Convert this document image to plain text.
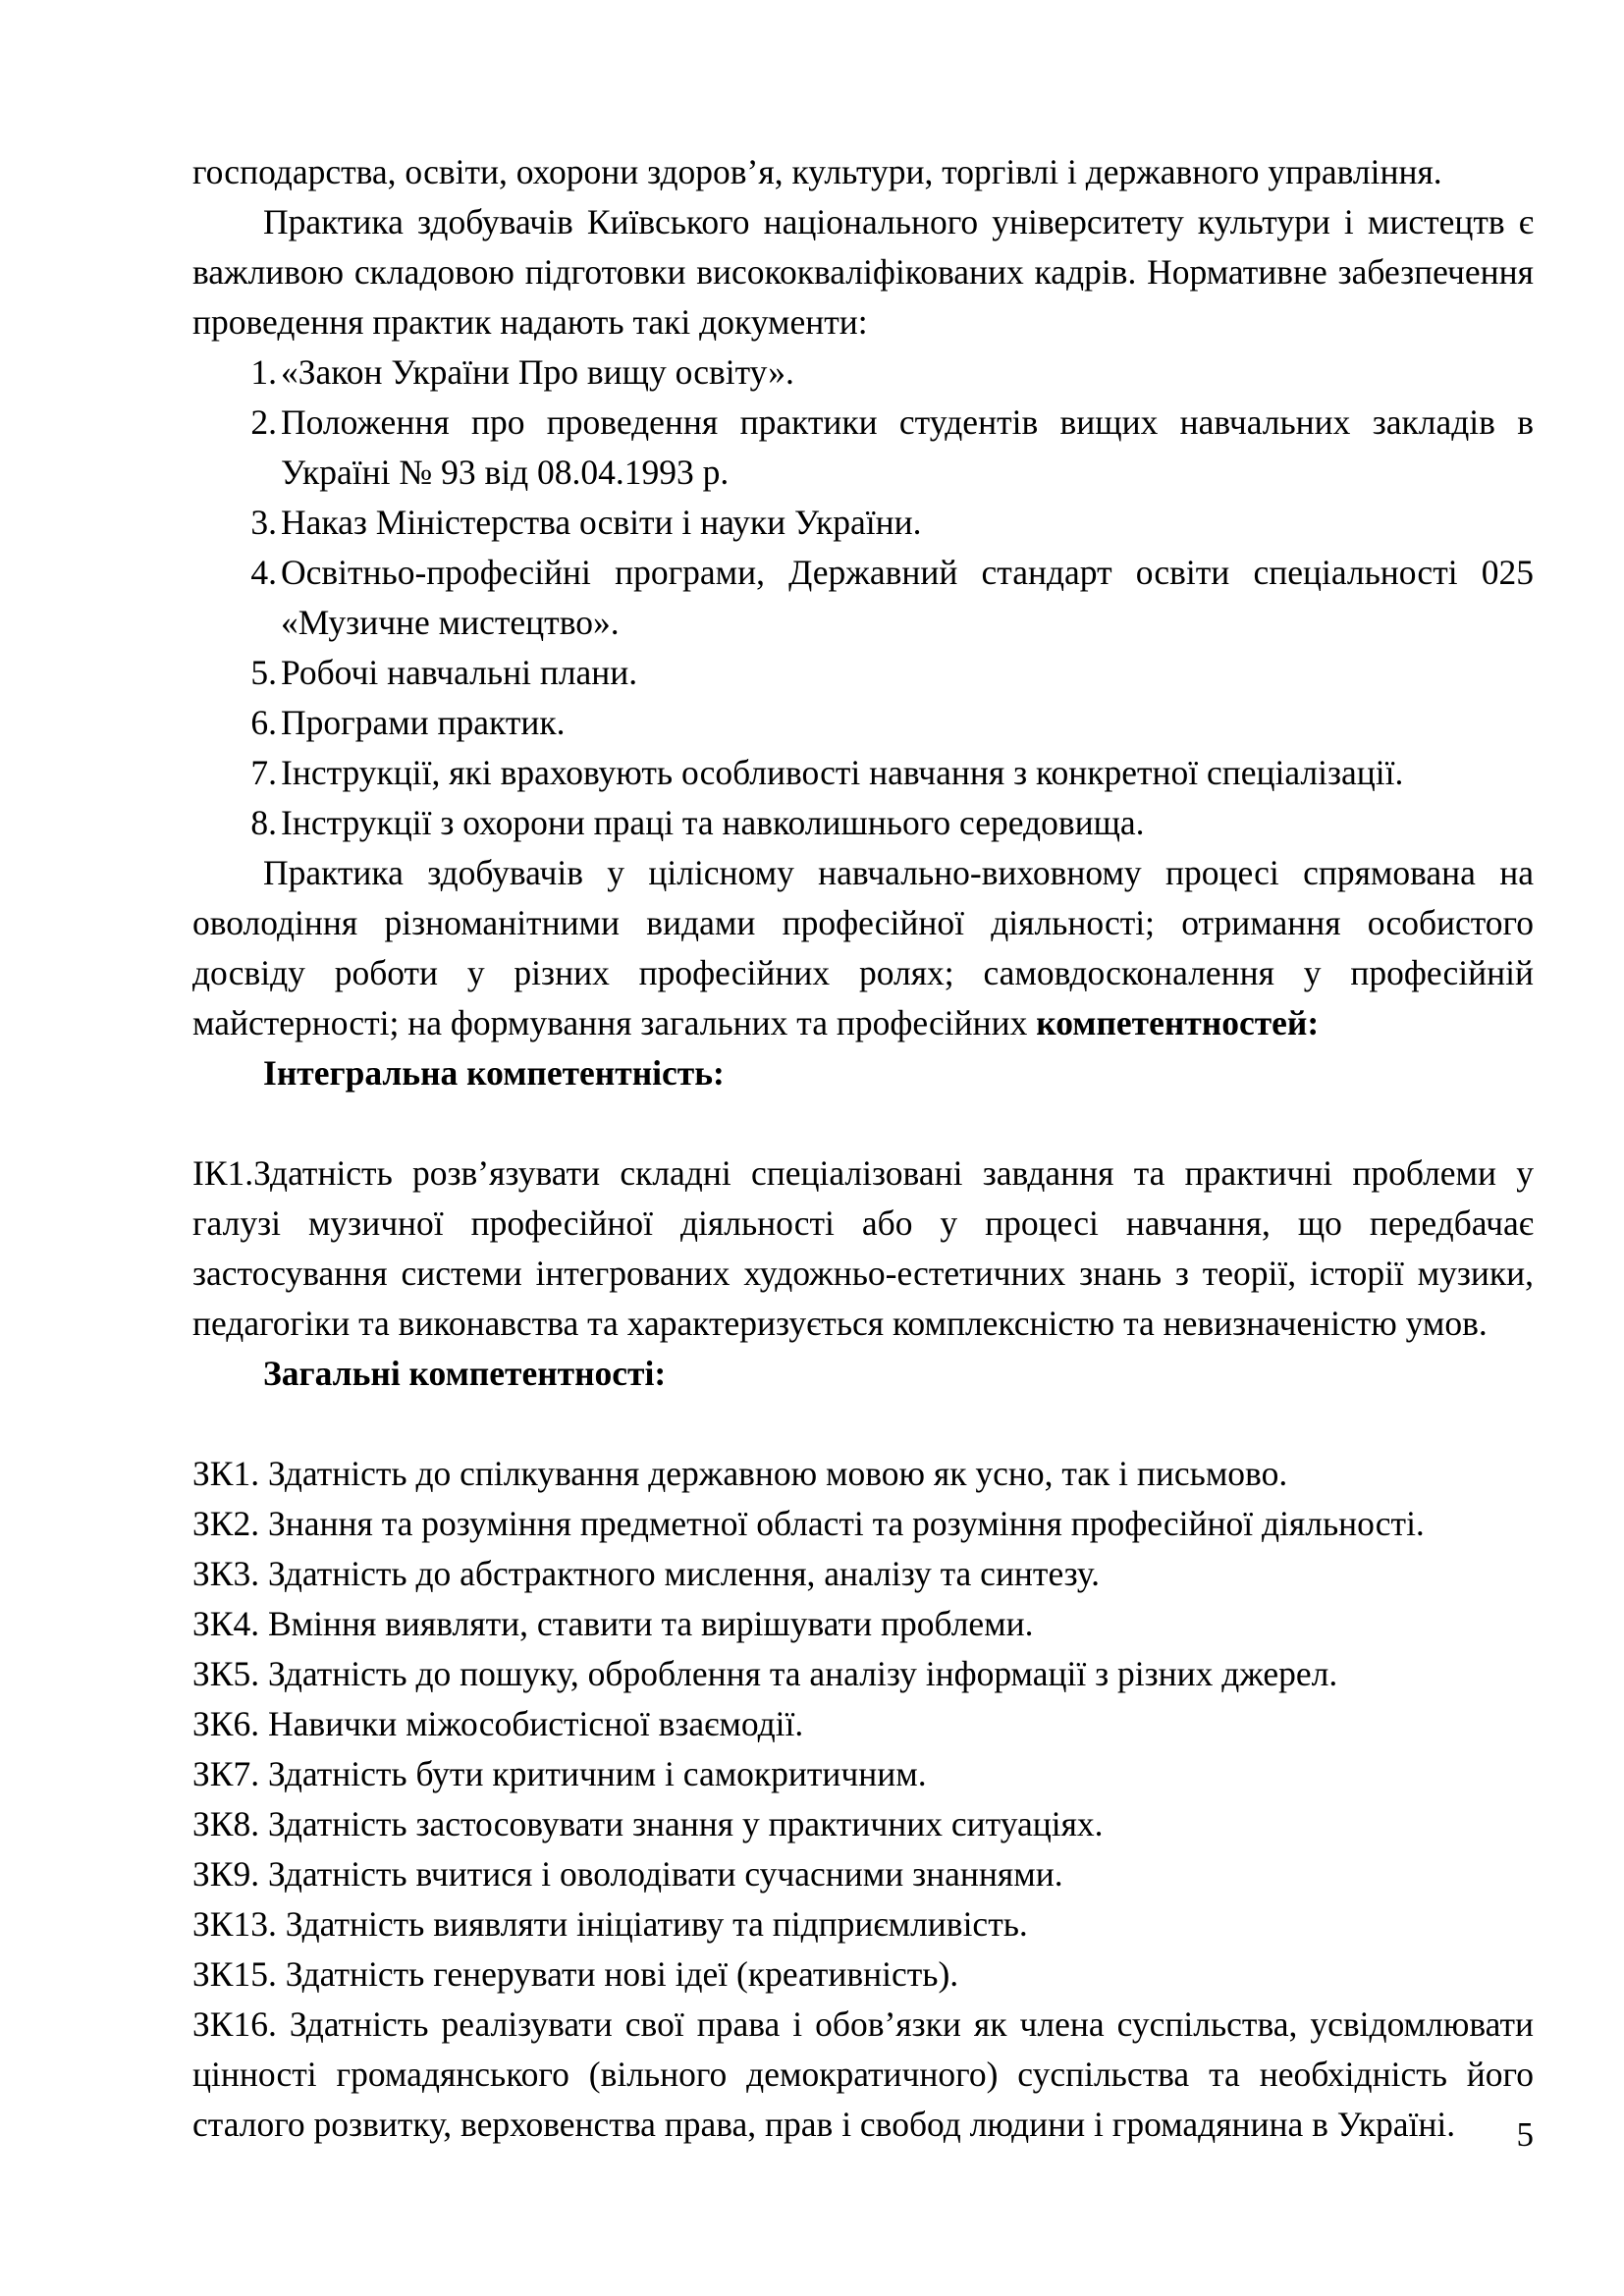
господарства, освіти, охорони здоров’я, культури, торгівлі і державного управління.

Практика здобувачів Київського національного університету культури і мистецтв є важливою складовою підготовки висококваліфікованих кадрів. Нормативне забезпечення проведення практик надають такі документи:

1. «Закон України Про вищу освіту».
2. Положення про проведення практики студентів вищих навчальних закладів в Україні № 93 від 08.04.1993 р.
3. Наказ Міністерства освіти і науки України.
4. Освітньо-професійні програми, Державний стандарт освіти спеціальності 025 «Музичне мистецтво».
5. Робочі навчальні плани.
6. Програми практик.
7. Інструкції, які враховують особливості навчання з конкретної спеціалізації.
8. Інструкції з охорони праці та навколишнього середовища.

Практика здобувачів у цілісному навчально-виховному процесі спрямована на оволодіння різноманітними видами професійної діяльності; отримання особистого досвіду роботи у різних професійних ролях; самовдосконалення у професійній майстерності; на формування загальних та професійних компетентностей:

Інтегральна компетентність:

ІК1.Здатність розв’язувати складні спеціалізовані завдання та практичні проблеми у галузі музичної професійної діяльності або у процесі навчання, що передбачає застосування системи інтегрованих художньо-естетичних знань з теорії, історії музики, педагогіки та виконавства та характеризується комплексністю та невизначеністю умов.

Загальні компетентності:

ЗК1. Здатність до спілкування державною мовою як усно, так і письмово.

ЗК2. Знання та розуміння предметної області та розуміння професійної діяльності.

ЗК3. Здатність до абстрактного мислення, аналізу та синтезу.

ЗК4. Вміння виявляти, ставити та вирішувати проблеми.

ЗК5. Здатність до пошуку, оброблення та аналізу інформації з різних джерел.

ЗК6. Навички міжособистісної взаємодії.

ЗК7. Здатність бути критичним і самокритичним.

ЗК8. Здатність застосовувати знання у практичних ситуаціях.

ЗК9. Здатність вчитися і оволодівати сучасними знаннями.

ЗК13. Здатність виявляти ініціативу та підприємливість.

ЗК15. Здатність генерувати нові ідеї (креативність).

ЗК16. Здатність реалізувати свої права і обов’язки як члена суспільства, усвідомлювати цінності громадянського (вільного демократичного) суспільства та необхідність його сталого розвитку, верховенства права, прав і свобод людини і громадянина в Україні.	5
